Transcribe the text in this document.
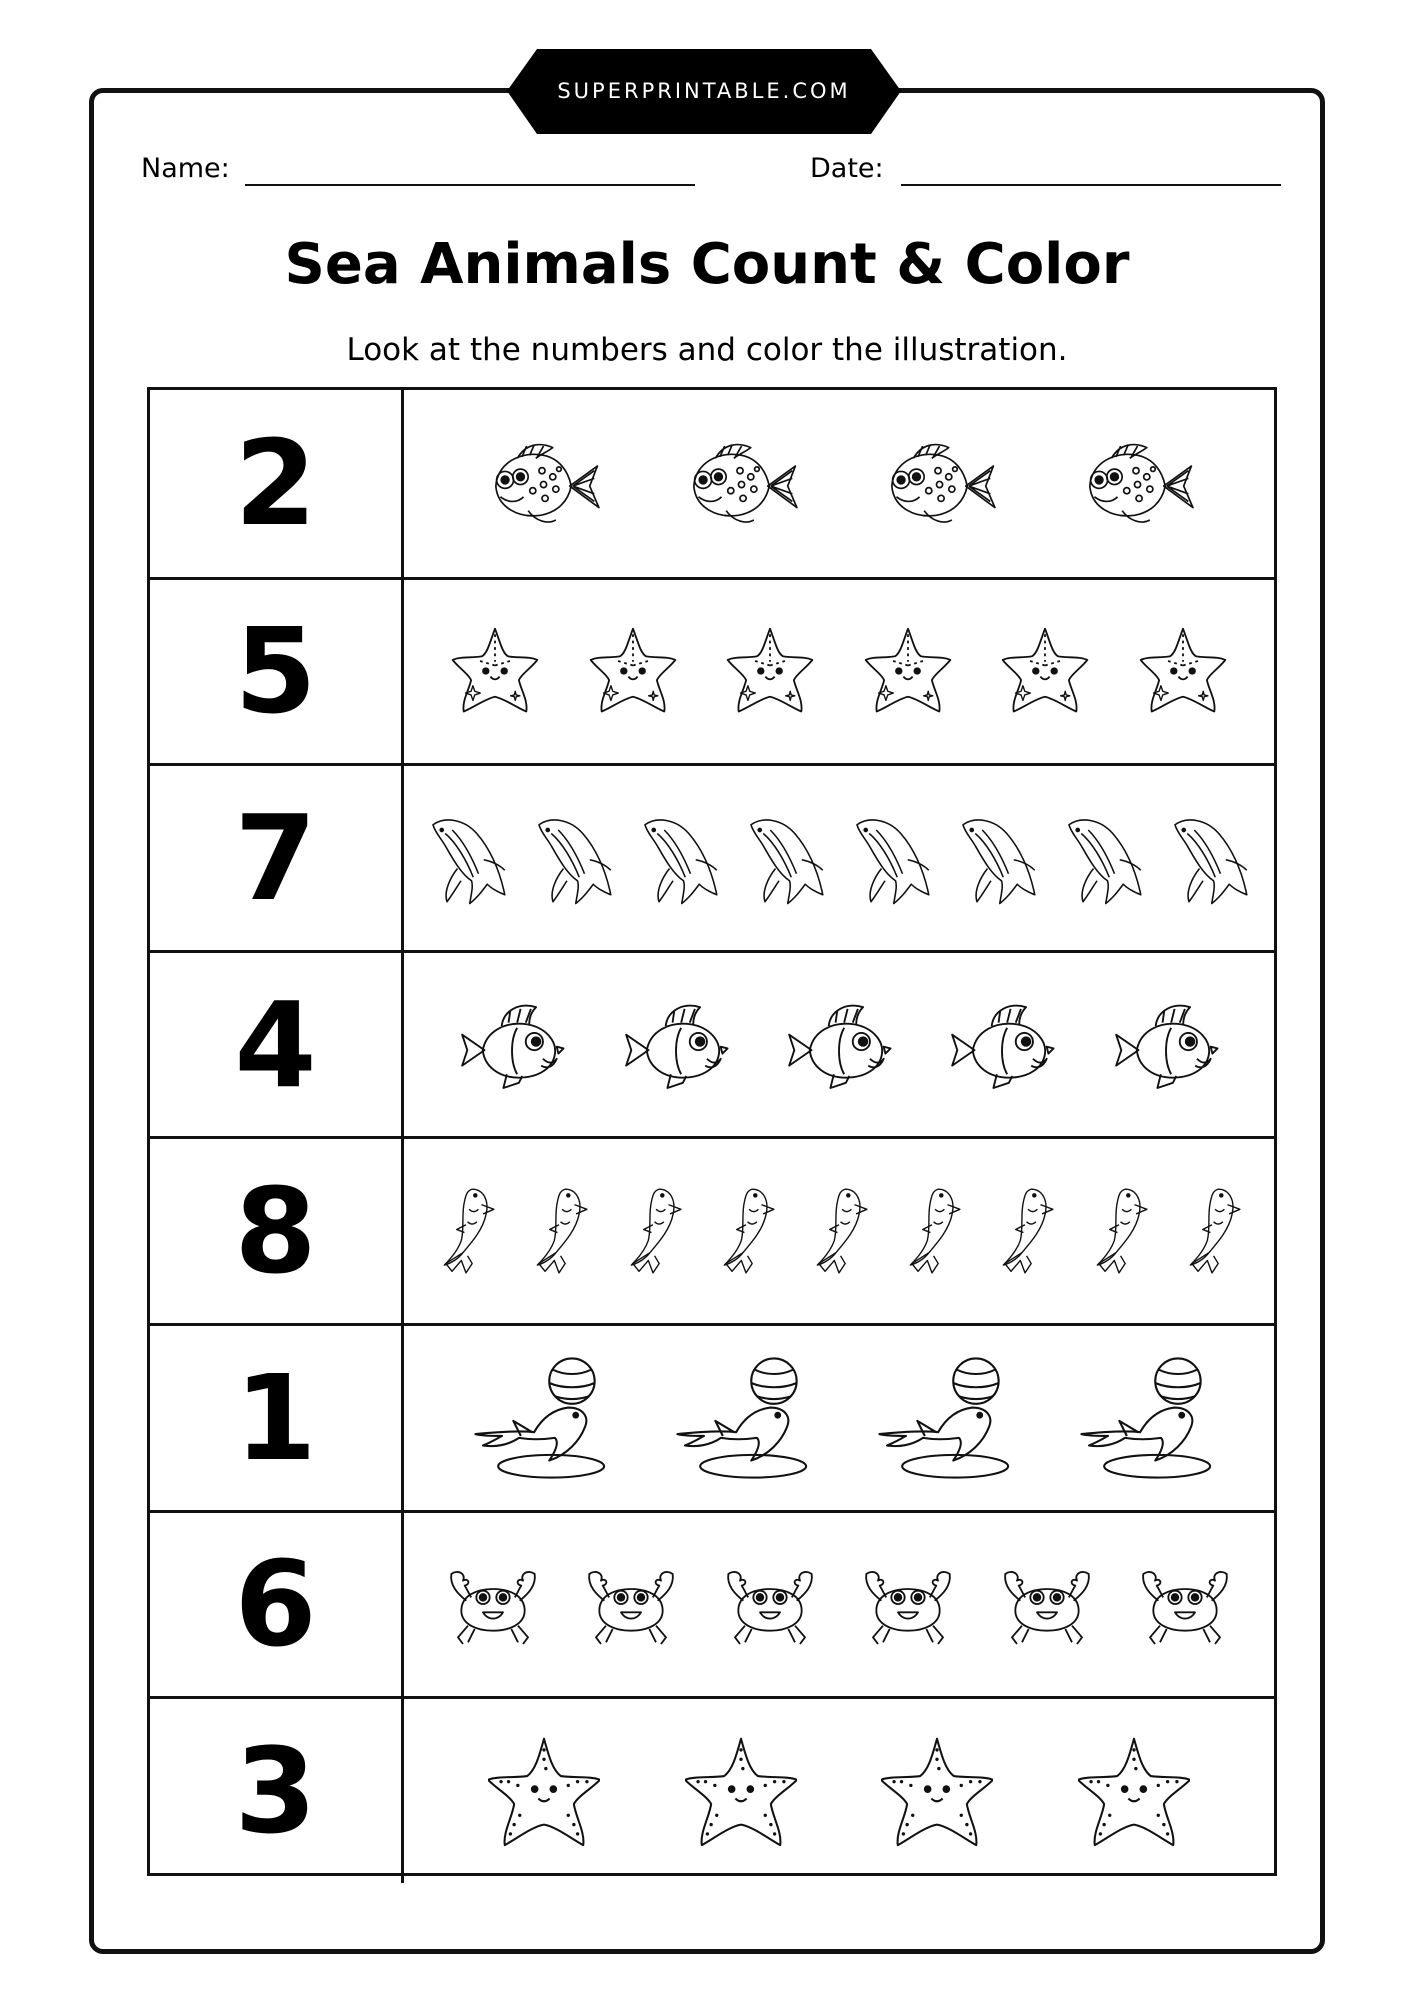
SUPERPRINTABLE.COM
Name:	Date:
Sea Animals Count & Color
Look at the numbers and color the illustration.
2
5
7
4
8
1
6
3
